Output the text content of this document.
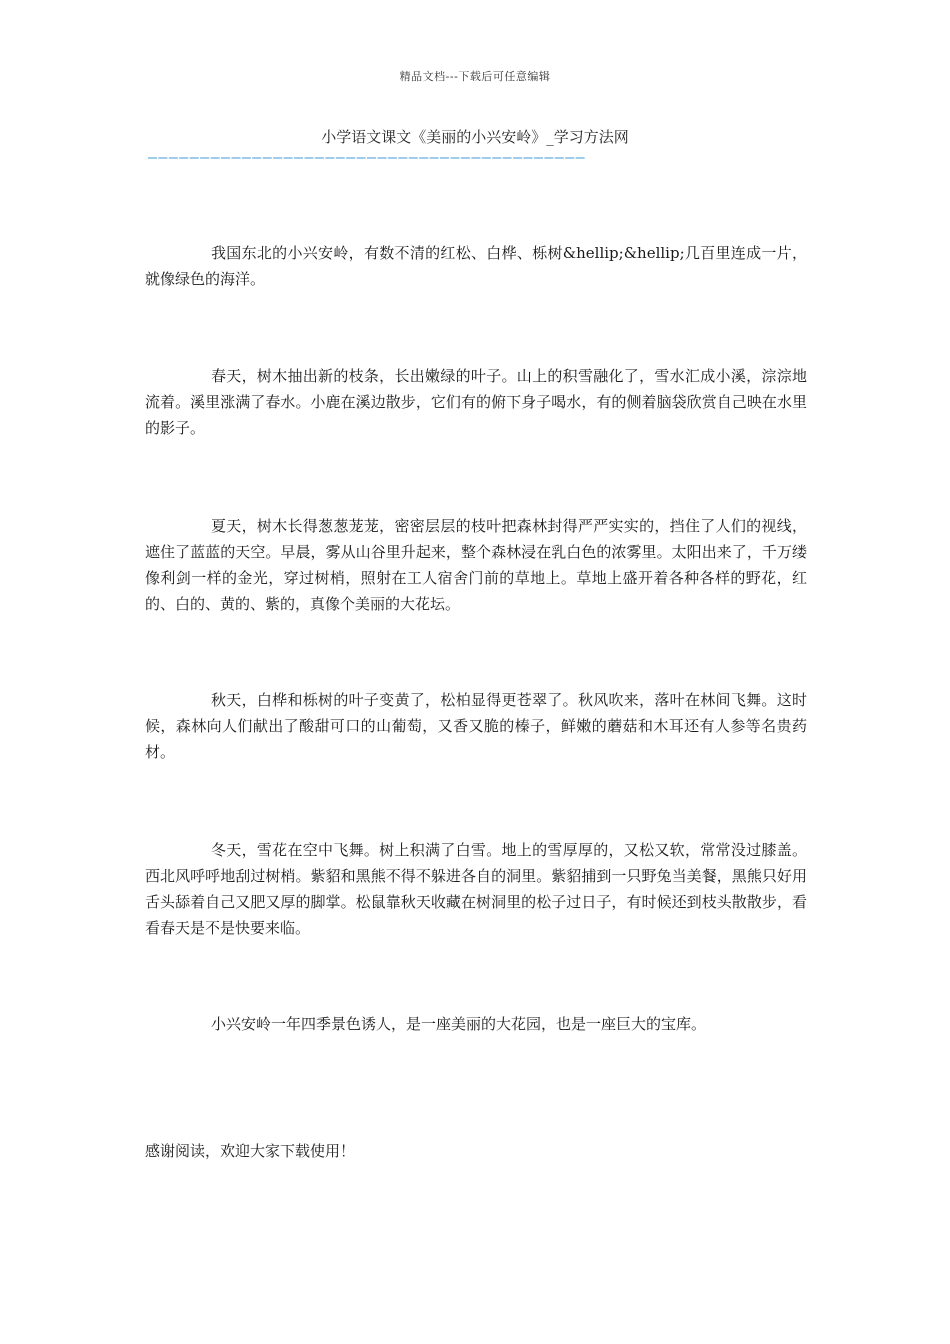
精品文档---下载后可任意编辑
小学语文课文《美丽的小兴安岭》_学习方法网
——————————————————————————————————————————

我国东北的小兴安岭，有数不清的红松、白桦、栎树&hellip;&hellip;几百里连成一片，就像绿色的海洋。

春天，树木抽出新的枝条，长出嫩绿的叶子。山上的积雪融化了，雪水汇成小溪，淙淙地流着。溪里涨满了春水。小鹿在溪边散步，它们有的俯下身子喝水，有的侧着脑袋欣赏自己映在水里的影子。

夏天，树木长得葱葱茏茏，密密层层的枝叶把森林封得严严实实的，挡住了人们的视线，遮住了蓝蓝的天空。早晨，雾从山谷里升起来，整个森林浸在乳白色的浓雾里。太阳出来了，千万缕像利剑一样的金光，穿过树梢，照射在工人宿舍门前的草地上。草地上盛开着各种各样的野花，红的、白的、黄的、紫的，真像个美丽的大花坛。

秋天，白桦和栎树的叶子变黄了，松柏显得更苍翠了。秋风吹来，落叶在林间飞舞。这时候，森林向人们献出了酸甜可口的山葡萄，又香又脆的榛子，鲜嫩的蘑菇和木耳还有人参等名贵药材。

冬天，雪花在空中飞舞。树上积满了白雪。地上的雪厚厚的，又松又软，常常没过膝盖。西北风呼呼地刮过树梢。紫貂和黑熊不得不躲进各自的洞里。紫貂捕到一只野兔当美餐，黑熊只好用舌头舔着自己又肥又厚的脚掌。松鼠靠秋天收藏在树洞里的松子过日子，有时候还到枝头散散步，看看春天是不是快要来临。

小兴安岭一年四季景色诱人，是一座美丽的大花园，也是一座巨大的宝库。

感谢阅读，欢迎大家下载使用！
